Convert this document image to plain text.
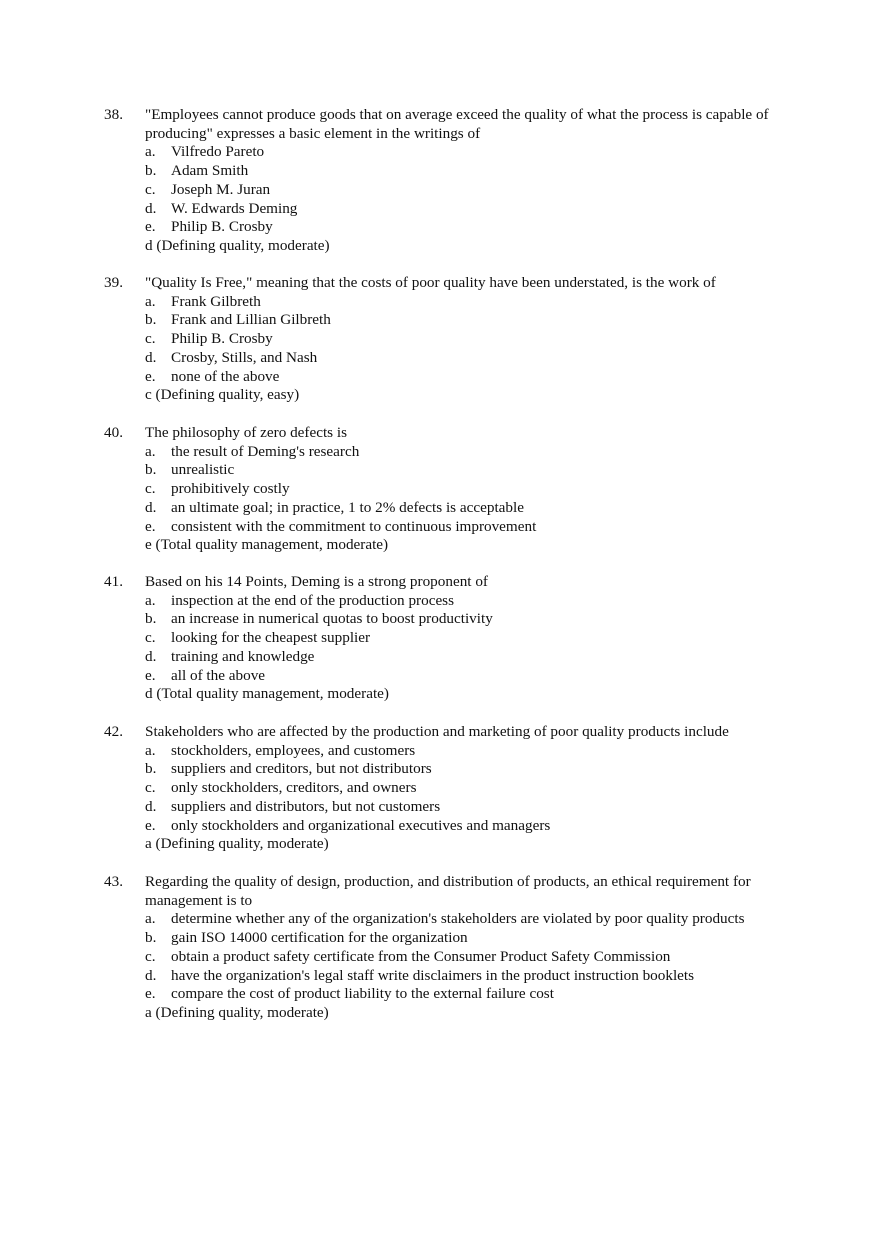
38. "Employees cannot produce goods that on average exceed the quality of what the process is capable of producing" expresses a basic element in the writings of
a. Vilfredo Pareto
b. Adam Smith
c. Joseph M. Juran
d. W. Edwards Deming
e. Philip B. Crosby
d (Defining quality, moderate)
39. "Quality Is Free," meaning that the costs of poor quality have been understated, is the work of
a. Frank Gilbreth
b. Frank and Lillian Gilbreth
c. Philip B. Crosby
d. Crosby, Stills, and Nash
e. none of the above
c (Defining quality, easy)
40. The philosophy of zero defects is
a. the result of Deming's research
b. unrealistic
c. prohibitively costly
d. an ultimate goal; in practice, 1 to 2% defects is acceptable
e. consistent with the commitment to continuous improvement
e (Total quality management, moderate)
41. Based on his 14 Points, Deming is a strong proponent of
a. inspection at the end of the production process
b. an increase in numerical quotas to boost productivity
c. looking for the cheapest supplier
d. training and knowledge
e. all of the above
d (Total quality management, moderate)
42. Stakeholders who are affected by the production and marketing of poor quality products include
a. stockholders, employees, and customers
b. suppliers and creditors, but not distributors
c. only stockholders, creditors, and owners
d. suppliers and distributors, but not customers
e. only stockholders and organizational executives and managers
a (Defining quality, moderate)
43. Regarding the quality of design, production, and distribution of products, an ethical requirement for management is to
a. determine whether any of the organization's stakeholders are violated by poor quality products
b. gain ISO 14000 certification for the organization
c. obtain a product safety certificate from the Consumer Product Safety Commission
d. have the organization's legal staff write disclaimers in the product instruction booklets
e. compare the cost of product liability to the external failure cost
a (Defining quality, moderate)
